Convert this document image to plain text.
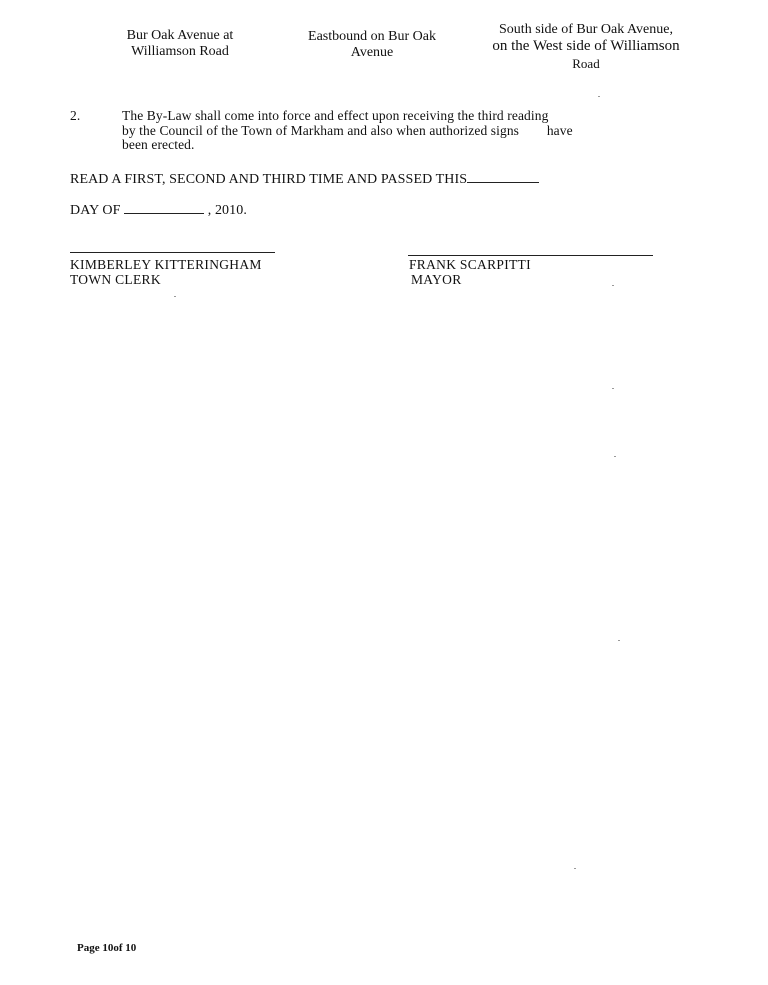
Bur Oak Avenue at
Williamson Road
Eastbound on Bur Oak
Avenue
South side of Bur Oak Avenue,
on the West side of Williamson
Road
2.	The By-Law shall come into force and effect upon receiving the third reading
by the Council of the Town of Markham and also when authorized signs        have
been erected.
READ A FIRST, SECOND AND THIRD TIME AND PASSED THIS
DAY OF	, 2010.
KIMBERLEY KITTERINGHAM
TOWN CLERK
FRANK SCARPITTI
MAYOR
Page 10of 10
